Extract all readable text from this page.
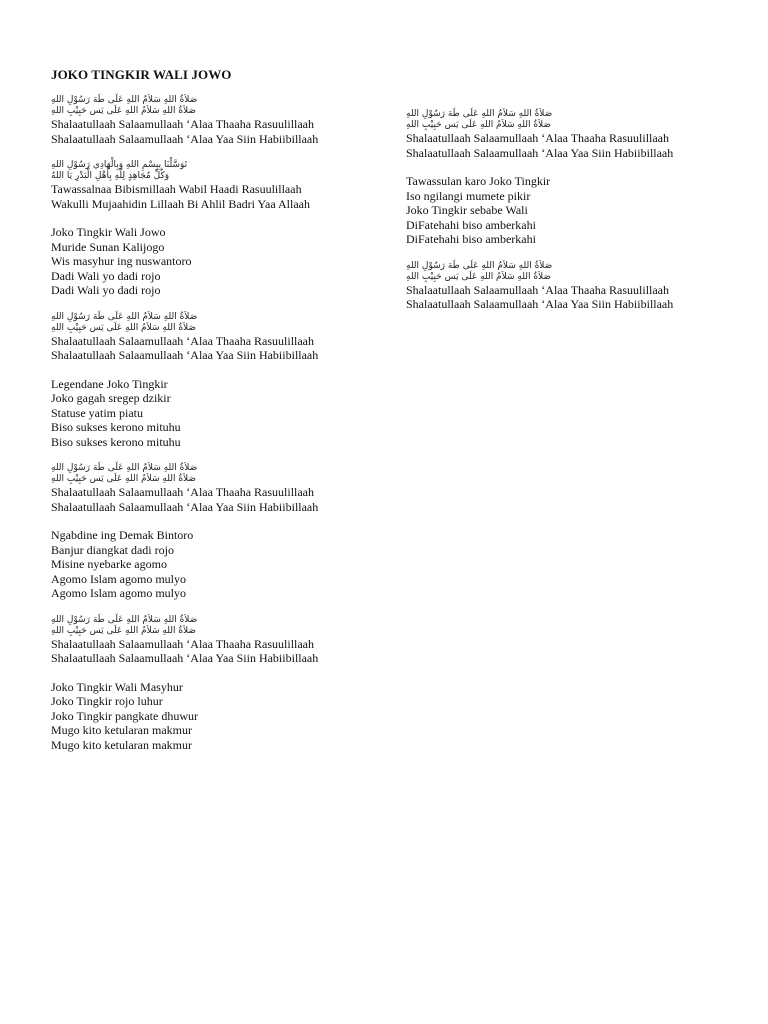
JOKO TINGKIR WALI JOWO
صَلاَةُ اللهِ سَلاَمُ اللهِ عَلَى طَهَ رَسُوْلِ اللهِ
صَلاَةُ اللهِ سَلاَمُ اللهِ عَلَى يَس حَبِيْبِ اللهِ
Shalaatullaah Salaamullaah ‘Alaa Thaaha Rasuulillaah
Shalaatullaah Salaamullaah ‘Alaa Yaa Siin Habiibillaah
تَوَسَّلْنَا بِبِسْمِ اللهِ وَبِالْهَادِي رَسُوْلِ اللهِ
وَكُلِّ مُجَاهِدٍ لِلّهِ بِأَهْلِ الْبَدْرِ يَا اللهُ
Tawassalnaa Bibismillaah Wabil Haadi Rasuulillaah
Wakulli Mujaahidin Lillaah Bi Ahlil Badri Yaa Allaah
Joko Tingkir Wali Jowo
Muride Sunan Kalijogo
Wis masyhur ing nuswantoro
Dadi Wali yo dadi rojo
Dadi Wali yo dadi rojo
صَلاَةُ اللهِ سَلاَمُ اللهِ عَلَى طَهَ رَسُوْلِ اللهِ
صَلاَةُ اللهِ سَلاَمُ اللهِ عَلَى يَس حَبِيْبِ اللهِ
Shalaatullaah Salaamullaah ‘Alaa Thaaha Rasuulillaah
Shalaatullaah Salaamullaah ‘Alaa Yaa Siin Habiibillaah
Legendane Joko Tingkir
Joko gagah sregep dzikir
Statuse yatim piatu
Biso sukses kerono mituhu
Biso sukses kerono mituhu
صَلاَةُ اللهِ سَلاَمُ اللهِ عَلَى طَهَ رَسُوْلِ اللهِ
صَلاَةُ اللهِ سَلاَمُ اللهِ عَلَى يَس حَبِيْبِ اللهِ
Shalaatullaah Salaamullaah ‘Alaa Thaaha Rasuulillaah
Shalaatullaah Salaamullaah ‘Alaa Yaa Siin Habiibillaah
Ngabdine ing Demak Bintoro
Banjur diangkat dadi rojo
Misine nyebarke agomo
Agomo Islam agomo mulyo
Agomo Islam agomo mulyo
صَلاَةُ اللهِ سَلاَمُ اللهِ عَلَى طَهَ رَسُوْلِ اللهِ
صَلاَةُ اللهِ سَلاَمُ اللهِ عَلَى يَس حَبِيْبِ اللهِ
Shalaatullaah Salaamullaah ‘Alaa Thaaha Rasuulillaah
Shalaatullaah Salaamullaah ‘Alaa Yaa Siin Habiibillaah
Joko Tingkir Wali Masyhur
Joko Tingkir rojo luhur
Joko Tingkir pangkate dhuwur
Mugo kito ketularan makmur
Mugo kito ketularan makmur
صَلاَةُ اللهِ سَلاَمُ اللهِ عَلَى طَهَ رَسُوْلِ اللهِ
صَلاَةُ اللهِ سَلاَمُ اللهِ عَلَى يَس حَبِيْبِ اللهِ
Shalaatullaah Salaamullaah ‘Alaa Thaaha Rasuulillaah
Shalaatullaah Salaamullaah ‘Alaa Yaa Siin Habiibillaah
Tawassulan karo Joko Tingkir
Iso ngilangi mumete pikir
Joko Tingkir sebabe Wali
DiFatehahi biso amberkahi
DiFatehahi biso amberkahi
صَلاَةُ اللهِ سَلاَمُ اللهِ عَلَى طَهَ رَسُوْلِ اللهِ
صَلاَةُ اللهِ سَلاَمُ اللهِ عَلَى يَس حَبِيْبِ اللهِ
Shalaatullaah Salaamullaah ‘Alaa Thaaha Rasuulillaah
Shalaatullaah Salaamullaah ‘Alaa Yaa Siin Habiibillaah
